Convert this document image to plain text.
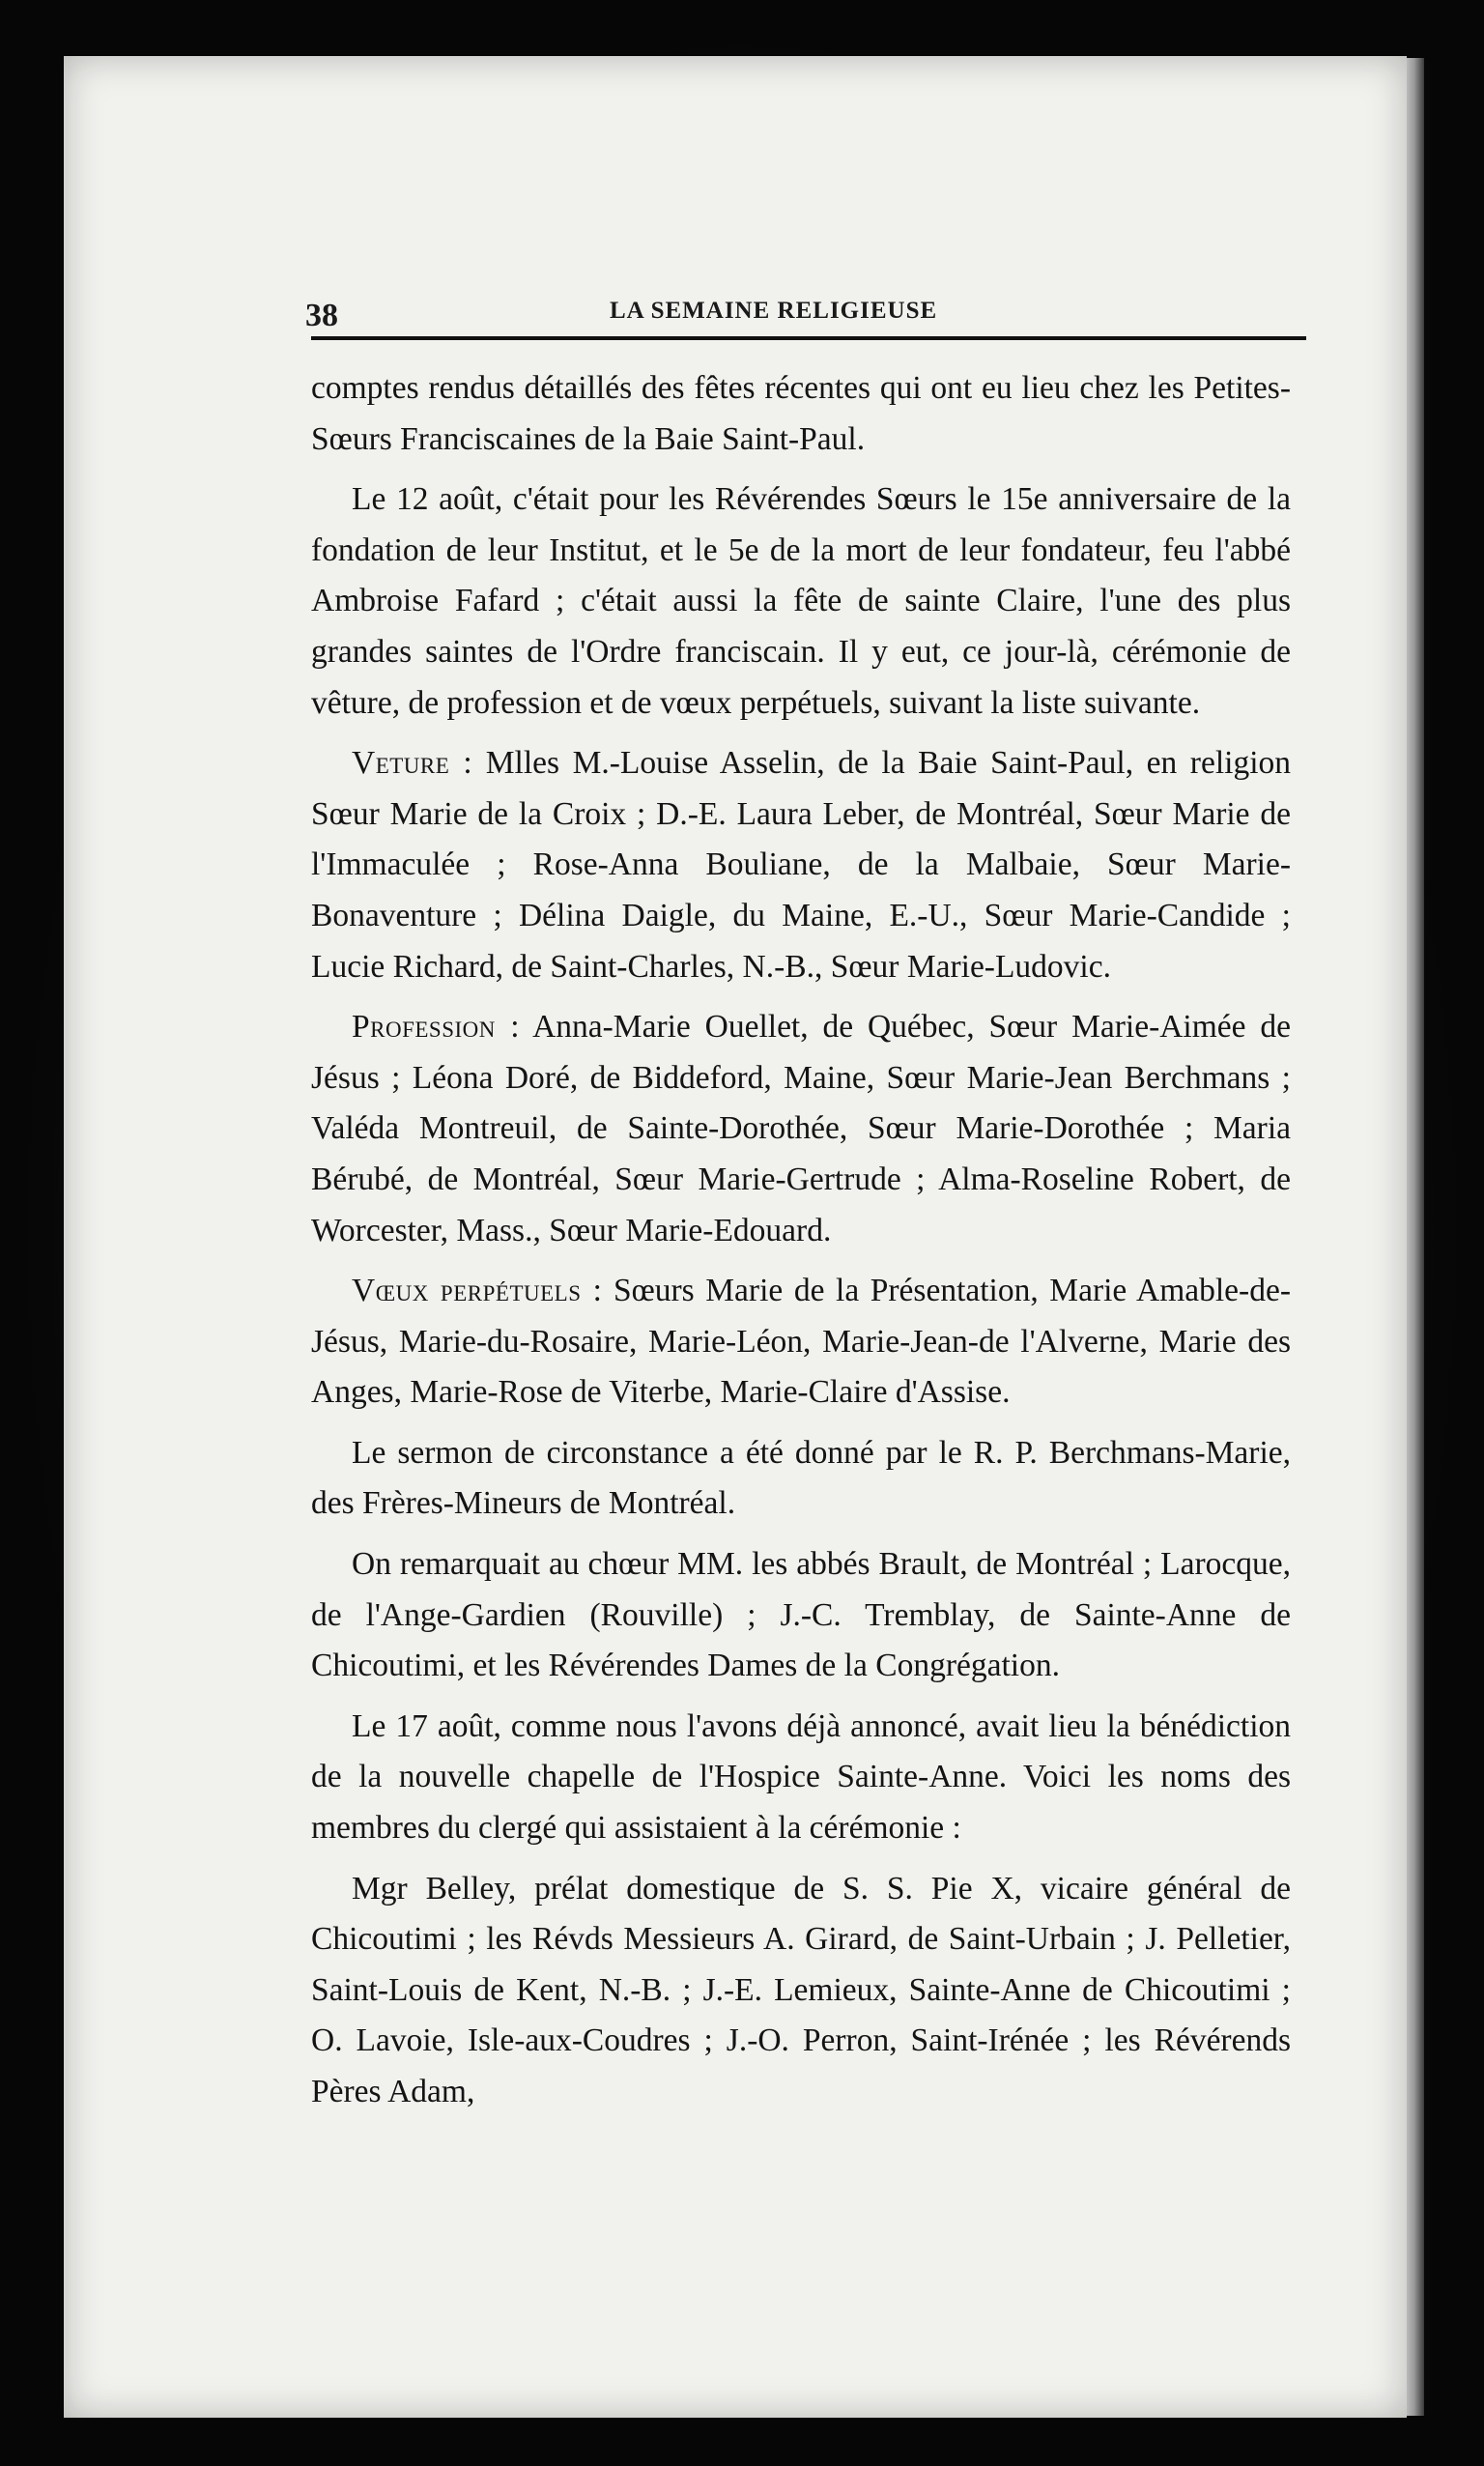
38	LA SEMAINE RELIGIEUSE

comptes rendus détaillés des fêtes récentes qui ont eu lieu chez les Petites-Sœurs Franciscaines de la Baie Saint-Paul.

Le 12 août, c'était pour les Révérendes Sœurs le 15e anniversaire de la fondation de leur Institut, et le 5e de la mort de leur fondateur, feu l'abbé Ambroise Fafard ; c'était aussi la fête de sainte Claire, l'une des plus grandes saintes de l'Ordre franciscain. Il y eut, ce jour-là, cérémonie de vêture, de profession et de vœux perpétuels, suivant la liste suivante.

Veture : Mlles M.-Louise Asselin, de la Baie Saint-Paul, en religion Sœur Marie de la Croix ; D.-E. Laura Leber, de Montréal, Sœur Marie de l'Immaculée ; Rose-Anna Bouliane, de la Malbaie, Sœur Marie-Bonaventure ; Délina Daigle, du Maine, E.-U., Sœur Marie-Candide ; Lucie Richard, de Saint-Charles, N.-B., Sœur Marie-Ludovic.

Profession : Anna-Marie Ouellet, de Québec, Sœur Marie-Aimée de Jésus ; Léona Doré, de Biddeford, Maine, Sœur Marie-Jean Berchmans ; Valéda Montreuil, de Sainte-Dorothée, Sœur Marie-Dorothée ; Maria Bérubé, de Montréal, Sœur Marie-Gertrude ; Alma-Roseline Robert, de Worcester, Mass., Sœur Marie-Edouard.

Vœux perpétuels : Sœurs Marie de la Présentation, Marie Amable-de-Jésus, Marie-du-Rosaire, Marie-Léon, Marie-Jean-de l'Alverne, Marie des Anges, Marie-Rose de Viterbe, Marie-Claire d'Assise.

Le sermon de circonstance a été donné par le R. P. Berchmans-Marie, des Frères-Mineurs de Montréal.

On remarquait au chœur MM. les abbés Brault, de Montréal ; Larocque, de l'Ange-Gardien (Rouville) ; J.-C. Tremblay, de Sainte-Anne de Chicoutimi, et les Révérendes Dames de la Congrégation.

Le 17 août, comme nous l'avons déjà annoncé, avait lieu la bénédiction de la nouvelle chapelle de l'Hospice Sainte-Anne. Voici les noms des membres du clergé qui assistaient à la cérémonie :

Mgr Belley, prélat domestique de S. S. Pie X, vicaire général de Chicoutimi ; les Révds Messieurs A. Girard, de Saint-Urbain ; J. Pelletier, Saint-Louis de Kent, N.-B. ; J.-E. Lemieux, Sainte-Anne de Chicoutimi ; O. Lavoie, Isle-aux-Coudres ; J.-O. Perron, Saint-Irénée ; les Révérends Pères Adam,
